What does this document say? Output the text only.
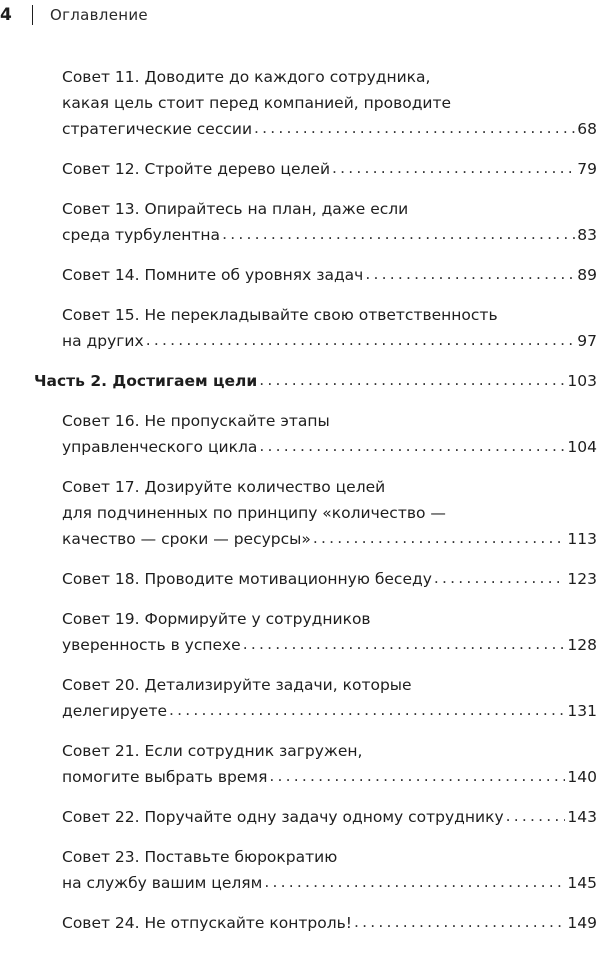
4	Оглавление
Совет 11. Доводите до каждого сотрудника,
какая цель стоит перед компанией, проводите
стратегические сессии .....	68
Совет 12. Стройте дерево целей .....	79
Совет 13. Опирайтесь на план, даже если
среда турбулентна .....	83
Совет 14. Помните об уровнях задач .....	89
Совет 15. Не перекладывайте свою ответственность
на других .....	97
Часть 2. Достигаем цели .....	103
Совет 16. Не пропускайте этапы
управленческого цикла .....	104
Совет 17. Дозируйте количество целей
для подчиненных по принципу «количество —
качество — сроки — ресурсы» .....	113
Совет 18. Проводите мотивационную беседу .....	123
Совет 19. Формируйте у сотрудников
уверенность в успехе .....	128
Совет 20. Детализируйте задачи, которые
делегируете .....	131
Совет 21. Если сотрудник загружен,
помогите выбрать время .....	140
Совет 22. Поручайте одну задачу одному сотруднику .....	143
Совет 23. Поставьте бюрократию
на службу вашим целям .....	145
Совет 24. Не отпускайте контроль! .....	149
